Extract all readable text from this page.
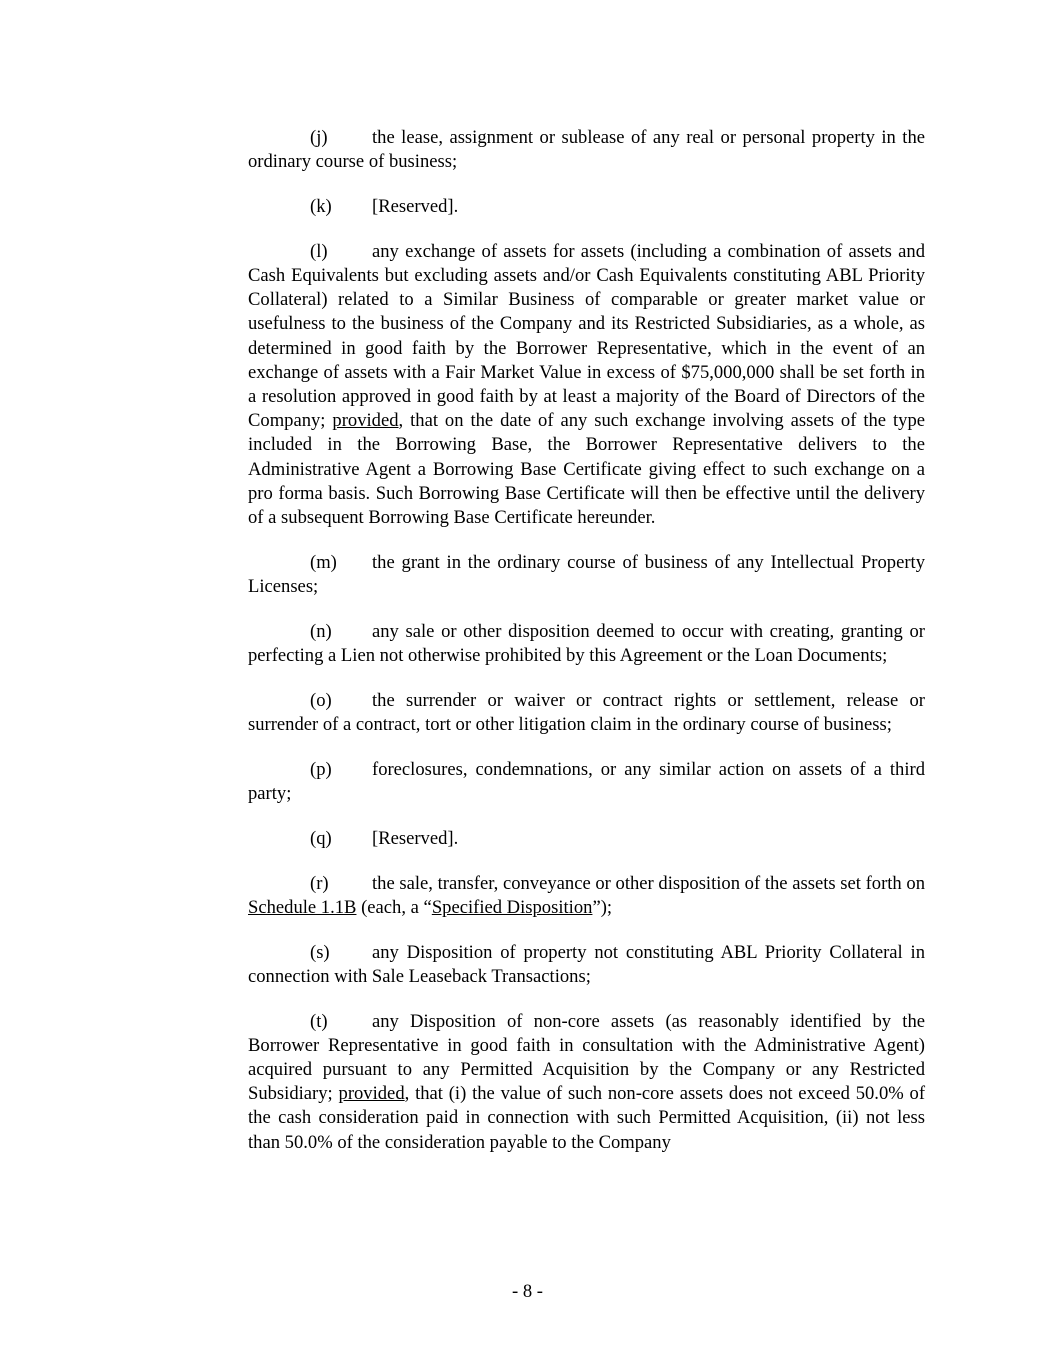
(j) the lease, assignment or sublease of any real or personal property in the ordinary course of business;

(k) [Reserved].

(l) any exchange of assets for assets (including a combination of assets and Cash Equivalents but excluding assets and/or Cash Equivalents constituting ABL Priority Collateral) related to a Similar Business of comparable or greater market value or usefulness to the business of the Company and its Restricted Subsidiaries, as a whole, as determined in good faith by the Borrower Representative, which in the event of an exchange of assets with a Fair Market Value in excess of $75,000,000 shall be set forth in a resolution approved in good faith by at least a majority of the Board of Directors of the Company; provided, that on the date of any such exchange involving assets of the type included in the Borrowing Base, the Borrower Representative delivers to the Administrative Agent a Borrowing Base Certificate giving effect to such exchange on a pro forma basis. Such Borrowing Base Certificate will then be effective until the delivery of a subsequent Borrowing Base Certificate hereunder.

(m) the grant in the ordinary course of business of any Intellectual Property Licenses;

(n) any sale or other disposition deemed to occur with creating, granting or perfecting a Lien not otherwise prohibited by this Agreement or the Loan Documents;

(o) the surrender or waiver or contract rights or settlement, release or surrender of a contract, tort or other litigation claim in the ordinary course of business;

(p) foreclosures, condemnations, or any similar action on assets of a third party;

(q) [Reserved].

(r) the sale, transfer, conveyance or other disposition of the assets set forth on Schedule 1.1B (each, a “Specified Disposition”);

(s) any Disposition of property not constituting ABL Priority Collateral in connection with Sale Leaseback Transactions;

(t) any Disposition of non-core assets (as reasonably identified by the Borrower Representative in good faith in consultation with the Administrative Agent) acquired pursuant to any Permitted Acquisition by the Company or any Restricted Subsidiary; provided, that (i) the value of such non-core assets does not exceed 50.0% of the cash consideration paid in connection with such Permitted Acquisition, (ii) not less than 50.0% of the consideration payable to the Company

- 8 -
